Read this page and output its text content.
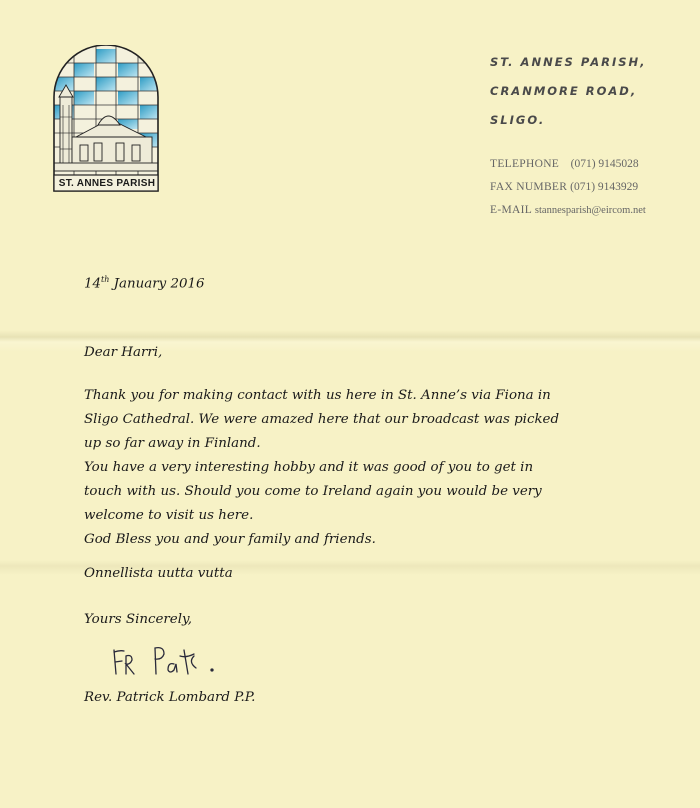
ST. ANNES PARISH
ST. ANNES PARISH,
CRANMORE ROAD,
SLIGO.
TELEPHONE (071) 9145028
FAX NUMBER (071) 9143929
E-MAIL stannesparish@eircom.net
14th January 2016
Dear Harri,
Thank you for making contact with us here in St. Anne’s via Fiona in
Sligo Cathedral. We were amazed here that our broadcast was picked
up so far away in Finland.
You have a very interesting hobby and it was good of you to get in
touch with us. Should you come to Ireland again you would be very
welcome to visit us here.
God Bless you and your family and friends.
Onnellista uutta vutta
Yours Sincerely,
Rev. Patrick Lombard P.P.
